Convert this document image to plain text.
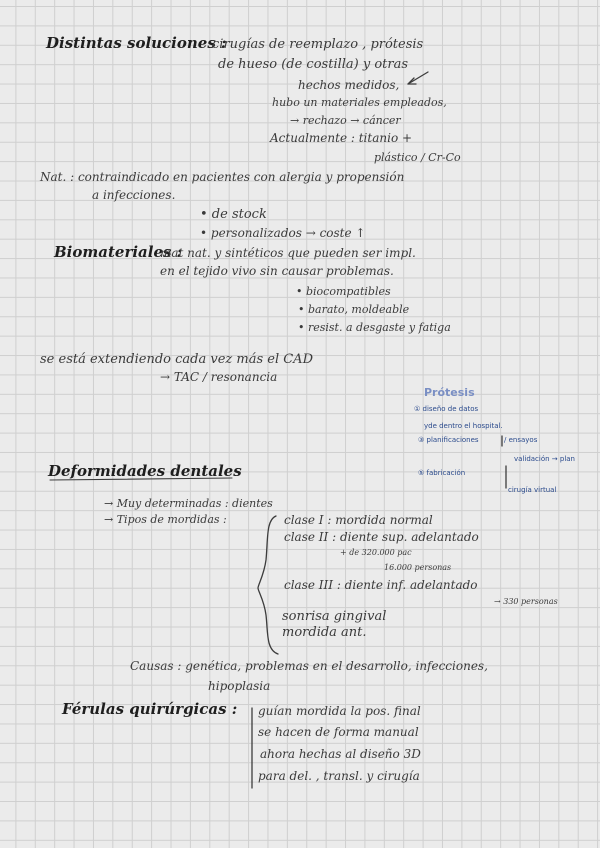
Distintas soluciones :
cirugías de reemplazo , prótesis
de hueso (de costilla) y otras
hechos medidos,
hubo un materiales empleados,
→ rechazo → cáncer
Actualmente : titanio +
plástico / Cr-Co
Nat. : contraindicado en pacientes con alergia y propensión
a infecciones.
• de stock
• personalizados → coste ↑
Biomateriales :
mat nat. y sintéticos que pueden ser impl.
en el tejido vivo sin causar problemas.
• biocompatibles
• barato, moldeable
• resist. a desgaste y fatiga
se está extendiendo cada vez más el CAD
→ TAC / resonancia
Prótesis
① diseño de datos
yde dentro el hospital.
③ planificaciones	/ ensayos
validación → plan
⑤ fabricación
cirugía virtual
Deformidades dentales
→ Muy determinadas : dientes
→ Tipos de mordidas :	clase I : mordida normal
clase II : diente sup. adelantado
+ de 320.000 pac
16.000 personas
clase III : diente inf. adelantado
→ 330 personas
sonrisa gingival
mordida ant.
Causas : genética, problemas en el desarrollo, infecciones,
hipoplasia
Férulas quirúrgicas : guían mordida la pos. final
se hacen de forma manual
ahora hechas al diseño 3D
para del. , transl. y cirugía
